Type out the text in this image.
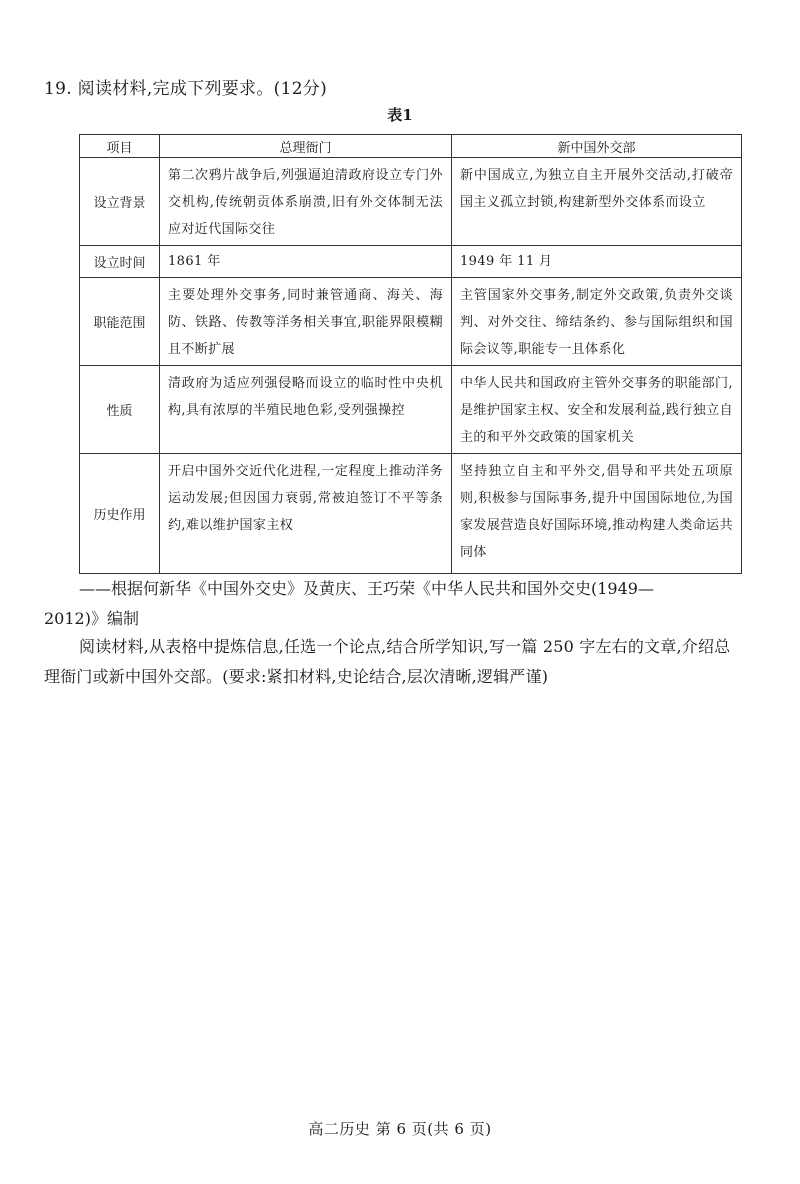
19. 阅读材料,完成下列要求。(12分)
表1
项目	总理衙门	新中国外交部
设立背景	第二次鸦片战争后,列强逼迫清政府设立专门外交机构,传统朝贡体系崩溃,旧有外交体制无法应对近代国际交往	新中国成立,为独立自主开展外交活动,打破帝国主义孤立封锁,构建新型外交体系而设立
设立时间	1861 年	1949 年 11 月
职能范围	主要处理外交事务,同时兼管通商、海关、海防、铁路、传教等洋务相关事宜,职能界限模糊且不断扩展	主管国家外交事务,制定外交政策,负责外交谈判、对外交往、缔结条约、参与国际组织和国际会议等,职能专一且体系化
性质	清政府为适应列强侵略而设立的临时性中央机构,具有浓厚的半殖民地色彩,受列强操控	中华人民共和国政府主管外交事务的职能部门,是维护国家主权、安全和发展利益,践行独立自主的和平外交政策的国家机关
历史作用	开启中国外交近代化进程,一定程度上推动洋务运动发展;但因国力衰弱,常被迫签订不平等条约,难以维护国家主权	坚持独立自主和平外交,倡导和平共处五项原则,积极参与国际事务,提升中国国际地位,为国家发展营造良好国际环境,推动构建人类命运共同体
——根据何新华《中国外交史》及黄庆、王巧荣《中华人民共和国外交史(1949—
2012)》编制
阅读材料,从表格中提炼信息,任选一个论点,结合所学知识,写一篇 250 字左右的文章,介绍总理衙门或新中国外交部。(要求:紧扣材料,史论结合,层次清晰,逻辑严谨)
高二历史 第 6 页(共 6 页)
